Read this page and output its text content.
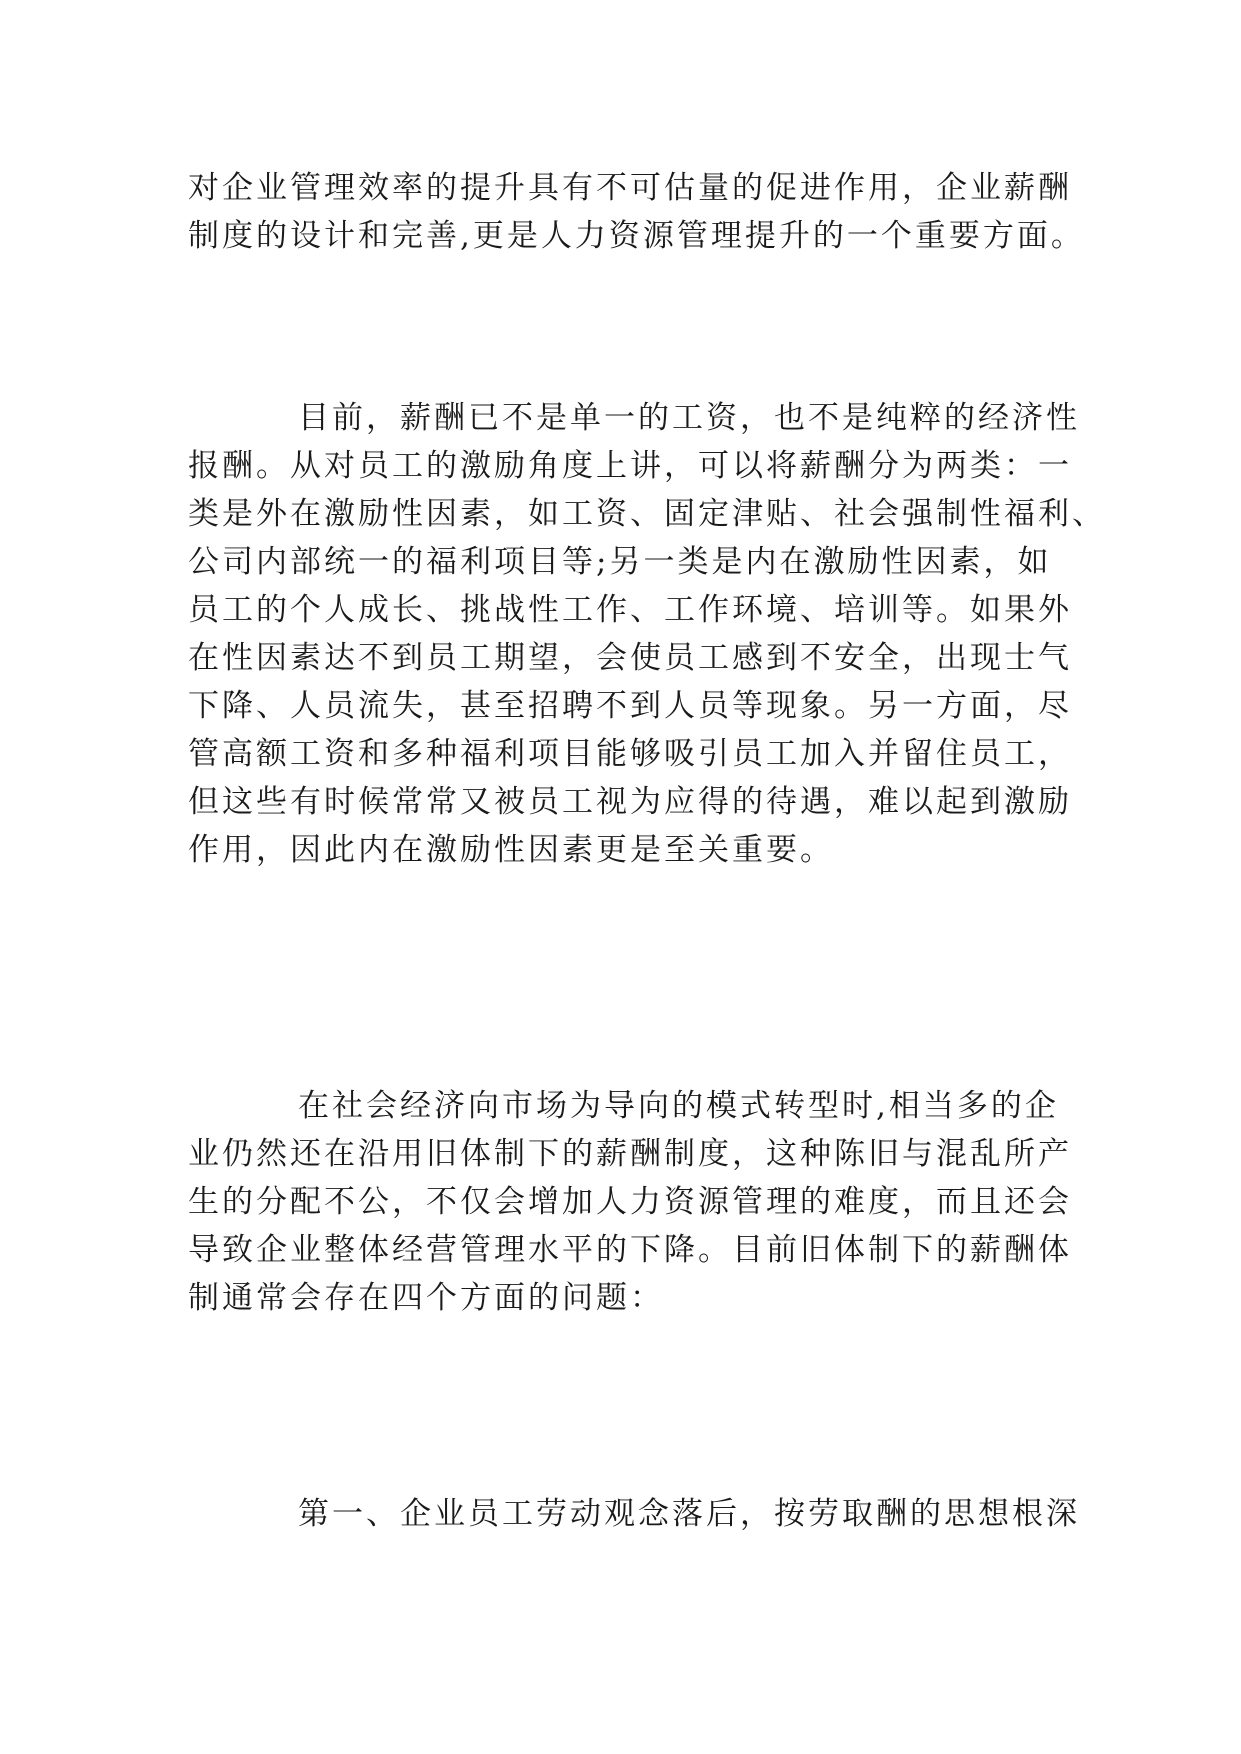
对企业管理效率的提升具有不可估量的促进作用，企业薪酬
制度的设计和完善,更是人力资源管理提升的一个重要方面。

目前，薪酬已不是单一的工资，也不是纯粹的经济性
报酬。从对员工的激励角度上讲，可以将薪酬分为两类：一
类是外在激励性因素，如工资、固定津贴、社会强制性福利、
公司内部统一的福利项目等;另一类是内在激励性因素，如
员工的个人成长、挑战性工作、工作环境、培训等。如果外
在性因素达不到员工期望，会使员工感到不安全，出现士气
下降、人员流失，甚至招聘不到人员等现象。另一方面，尽
管高额工资和多种福利项目能够吸引员工加入并留住员工，
但这些有时候常常又被员工视为应得的待遇，难以起到激励
作用，因此内在激励性因素更是至关重要。

在社会经济向市场为导向的模式转型时,相当多的企
业仍然还在沿用旧体制下的薪酬制度，这种陈旧与混乱所产
生的分配不公，不仅会增加人力资源管理的难度，而且还会
导致企业整体经营管理水平的下降。目前旧体制下的薪酬体
制通常会存在四个方面的问题：

第一、企业员工劳动观念落后，按劳取酬的思想根深
